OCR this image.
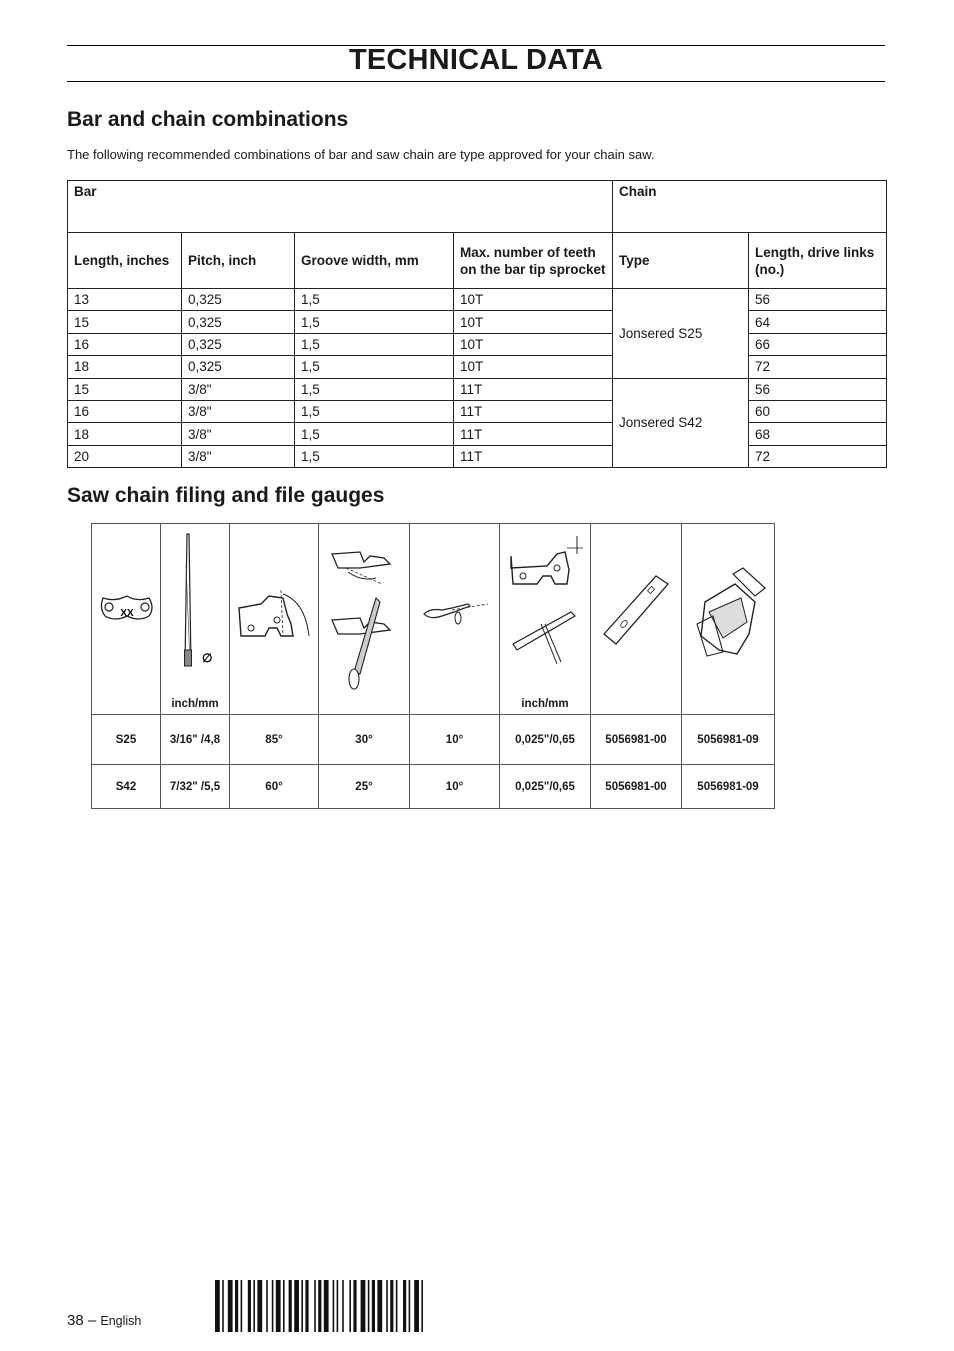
TECHNICAL DATA
Bar and chain combinations

The following recommended combinations of bar and saw chain are type approved for your chain saw.

Bar				Chain	
Length, inches	Pitch, inch	Groove width, mm	Max. number of teeth on the bar tip sprocket	Type	Length, drive links (no.)
13	0,325	1,5	10T	Jonsered S25	56
15	0,325	1,5	10T		64
16	0,325	1,5	10T		66
18	0,325	1,5	10T		72
15	3/8"	1,5	11T	Jonsered S42	56
16	3/8"	1,5	11T		60
18	3/8"	1,5	11T		68
20	3/8"	1,5	11T		72
Saw chain filing and file gauges
XX	∅
inch/mm				inch/mm

S25	3/16" /4,8	85°	30°	10°	0,025"/0,65	5056981-00	5056981-09
S42	7/32" /5,5	60°	25°	10°	0,025"/0,65	5056981-00	5056981-09
38 – English
